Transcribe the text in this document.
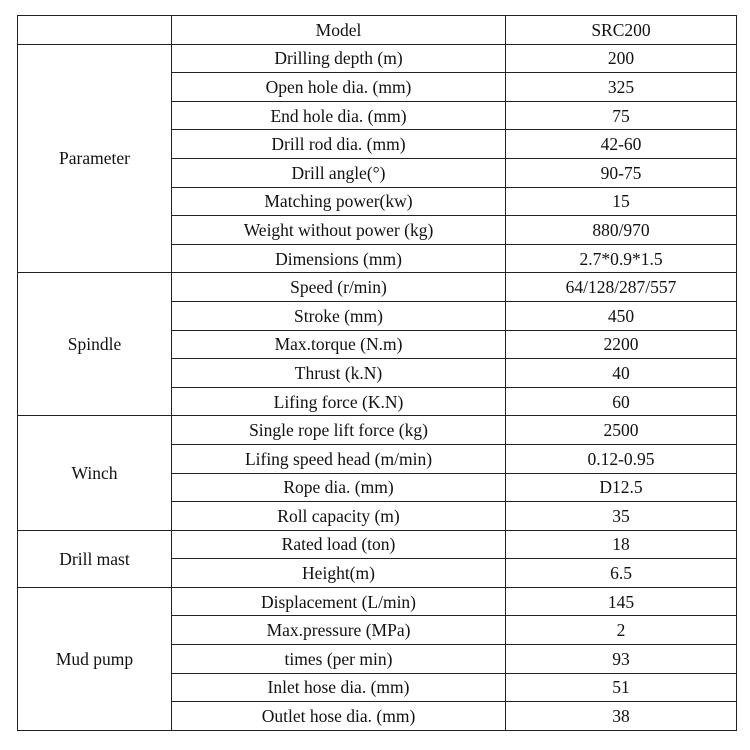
	Model	SRC200
Parameter	Drilling depth (m)	200
	Open hole dia. (mm)	325
	End hole dia. (mm)	75
	Drill rod dia. (mm)	42-60
	Drill angle(°)	90-75
	Matching power(kw)	15
	Weight without power (kg)	880/970
	Dimensions (mm)	2.7*0.9*1.5
Spindle	Speed (r/min)	64/128/287/557
	Stroke (mm)	450
	Max.torque (N.m)	2200
	Thrust (k.N)	40
	Lifing force (K.N)	60
Winch	Single rope lift force (kg)	2500
	Lifing speed head (m/min)	0.12-0.95
	Rope dia. (mm)	D12.5
	Roll capacity (m)	35
Drill mast	Rated load (ton)	18
	Height(m)	6.5
Mud pump	Displacement (L/min)	145
	Max.pressure (MPa)	2
	times (per min)	93
	Inlet hose dia. (mm)	51
	Outlet hose dia. (mm)	38
